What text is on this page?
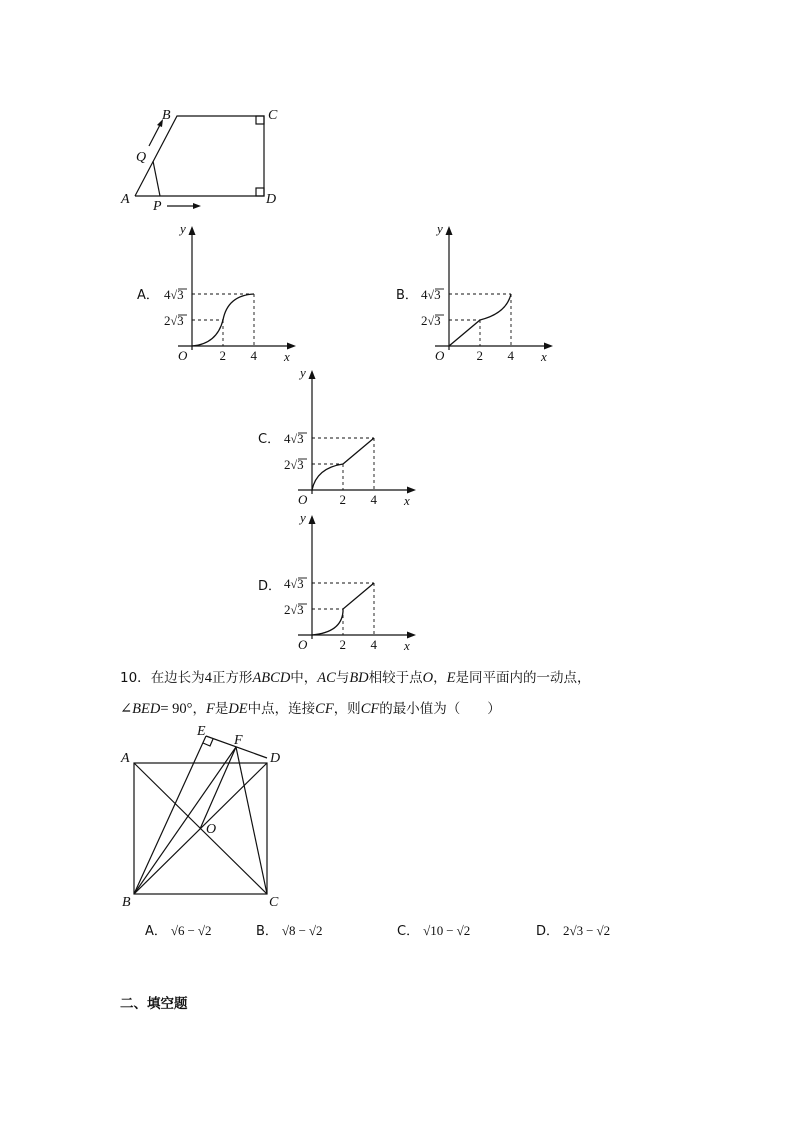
B	C
Q
A P	D
y
x
O 2 4
2√3
4√3
A．
y
x
O 2 4
2√3
4√3
B．
y
x
O 2 4
2√3
4√3
C．
y
x
O 2 4
2√3
4√3
D．
10．在边长为4正方形ABCD中，AC与BD相较于点O，E是同平面内的一动点，
∠BED= 90°，F是DE中点，连接CF，则CF的最小值为（　　）
E
F
A	D
O
B	C
A． √6 − √2	B． √8 − √2	C． √10 − √2	D． 2√3 − √2
二、填空题
